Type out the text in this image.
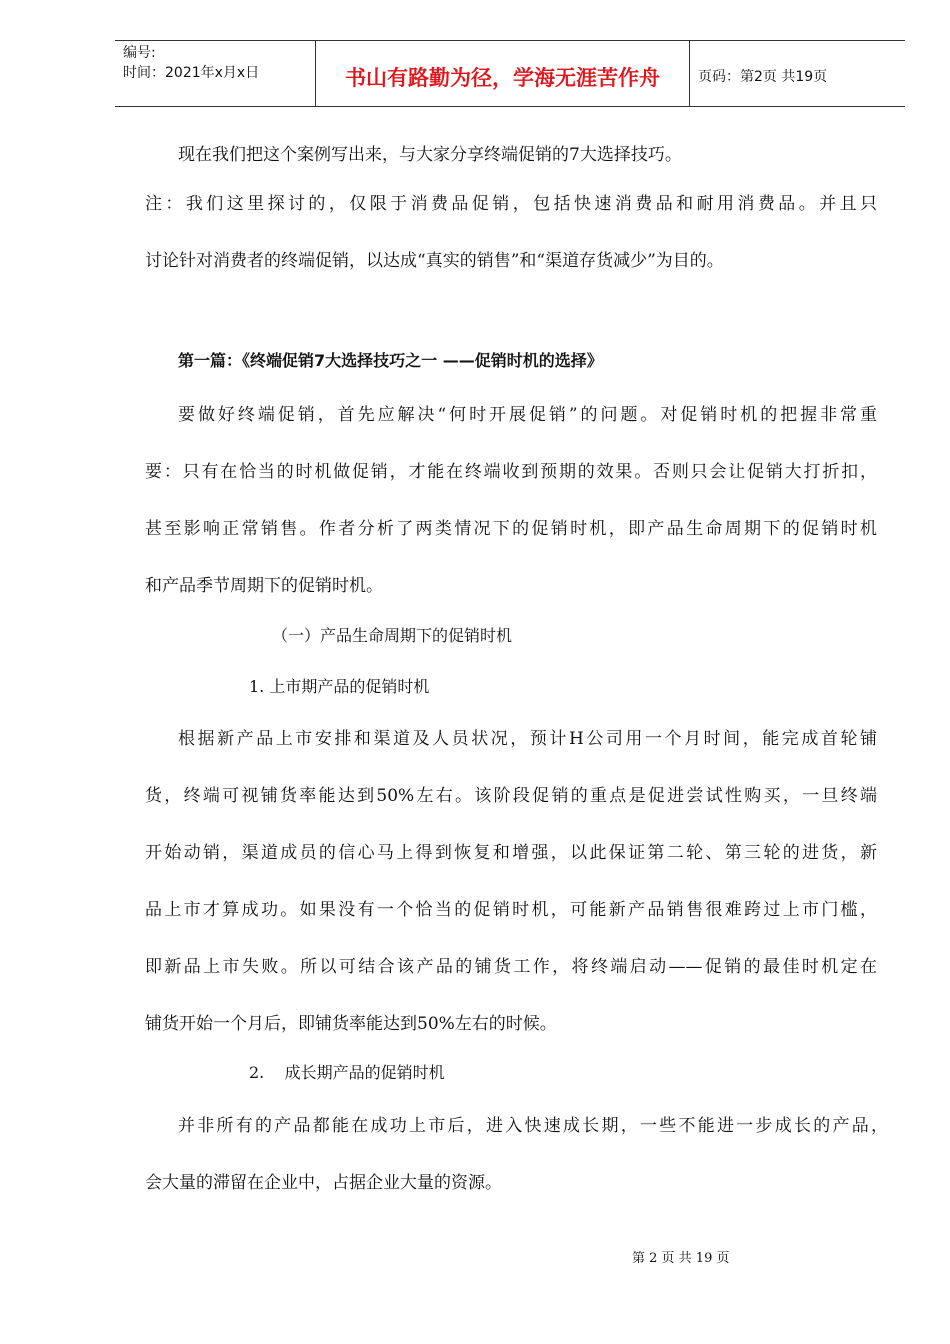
编号:
时间：2021年x月x日	书山有路勤为径，学海无涯苦作舟	页码：第2页 共19页
现在我们把这个案例写出来，与大家分享终端促销的7大选择技巧。
注：我们这里探讨的，仅限于消费品促销，包括快速消费品和耐用消费品。并且只
讨论针对消费者的终端促销，以达成“真实的销售”和“渠道存货减少”为目的。
第一篇：《终端促销7大选择技巧之一 ——促销时机的选择》
要做好终端促销，首先应解决“何时开展促销”的问题。对促销时机的把握非常重
要：只有在恰当的时机做促销，才能在终端收到预期的效果。否则只会让促销大打折扣，
甚至影响正常销售。作者分析了两类情况下的促销时机，即产品生命周期下的促销时机
和产品季节周期下的促销时机。
（一）产品生命周期下的促销时机
1. 上市期产品的促销时机
根据新产品上市安排和渠道及人员状况，预计H公司用一个月时间，能完成首轮铺
货，终端可视铺货率能达到50%左右。该阶段促销的重点是促进尝试性购买，一旦终端
开始动销，渠道成员的信心马上得到恢复和增强，以此保证第二轮、第三轮的进货，新
品上市才算成功。如果没有一个恰当的促销时机，可能新产品销售很难跨过上市门槛，
即新品上市失败。所以可结合该产品的铺货工作，将终端启动——促销的最佳时机定在
铺货开始一个月后，即铺货率能达到50%左右的时候。
2.    成长期产品的促销时机
并非所有的产品都能在成功上市后，进入快速成长期，一些不能进一步成长的产品，
会大量的滞留在企业中，占据企业大量的资源。
第 2 页 共 19 页
